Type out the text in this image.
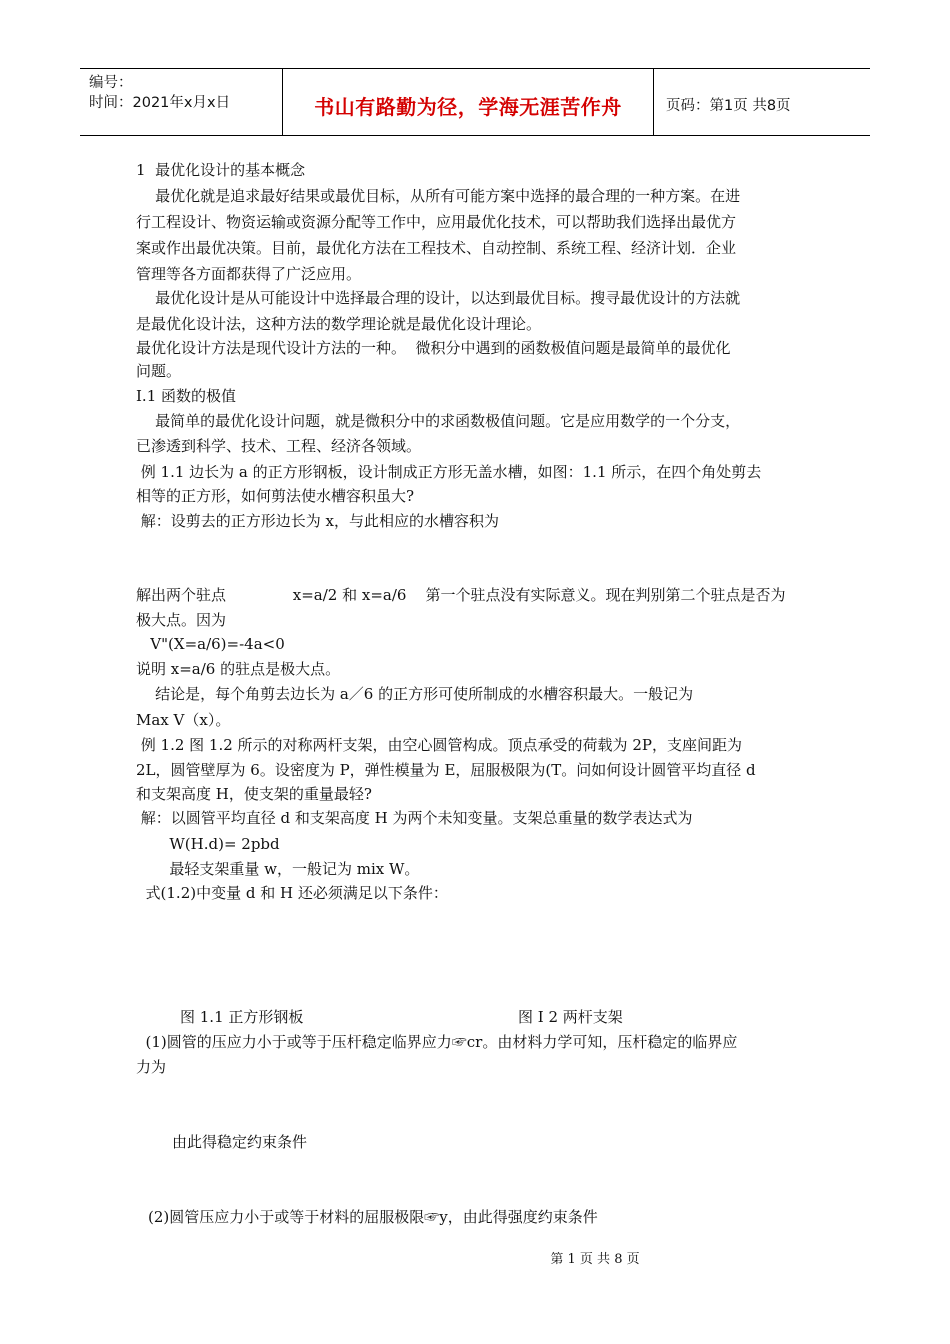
编号：
时间：2021年x月x日	书山有路勤为径，学海无涯苦作舟	页码：第1页 共8页
1  最优化设计的基本概念
最优化就是追求最好结果或最优目标，从所有可能方案中选择的最合理的一种方案。在进
行工程设计、物资运输或资源分配等工作中，应用最优化技术，可以帮助我们选择出最优方
案或作出最优决策。目前，最优化方法在工程技术、自动控制、系统工程、经济计划．企业
管理等各方面都获得了广泛应用。
最优化设计是从可能设计中选择最合理的设计，以达到最优目标。搜寻最优设计的方法就
是最优化设计法，这种方法的数学理论就是最优化设计理论。
最优化设计方法是现代设计方法的一种。  微积分中遇到的函数极值问题是最简单的最优化
问题。
I.1 函数的极值
最简单的最优化设计问题，就是微积分中的求函数极值问题。它是应用数学的一个分支，
已渗透到科学、技术、工程、经济各领域。
例 1.1 边长为 a 的正方形钢板，设计制成正方形无盖水槽，如图：1.1 所示，在四个角处剪去
相等的正方形，如何剪法使水槽容积虽大?
解：设剪去的正方形边长为 x，与此相应的水槽容积为
解出两个驻点              x=a/2 和 x=a/6    第一个驻点没有实际意义。现在判别第二个驻点是否为
极大点。因为
V"(X=a/6)=-4a<0
说明 x=a/6 的驻点是极大点。
结论是，每个角剪去边长为 a／6 的正方形可使所制成的水槽容积最大。一般记为
Max V（x）。
例 1.2 图 1.2 所示的对称两杆支架，由空心圆管构成。顶点承受的荷载为 2P，支座间距为
2L，圆管壁厚为 6。设密度为 P，弹性模量为 E，屈服极限为(T。问如何设计圆管平均直径 d
和支架高度 H，使支架的重量最轻?
解：以圆管平均直径 d 和支架高度 H 为两个未知变量。支架总重量的数学表达式为
W(H.d)= 2pbd
最轻支架重量 w，一般记为 mix W。
式(1.2)中变量 d 和 H 还必须满足以下条件：
图 1.1 正方形钢板	图 I 2 两杆支架
(1)圆管的压应力小于或等于压杆稳定临界应力☞cr。由材料力学可知，压杆稳定的临界应
力为
由此得稳定约束条件
(2)圆管压应力小于或等于材料的屈服极限☞y，由此得强度约束条件
第 1 页 共 8 页
